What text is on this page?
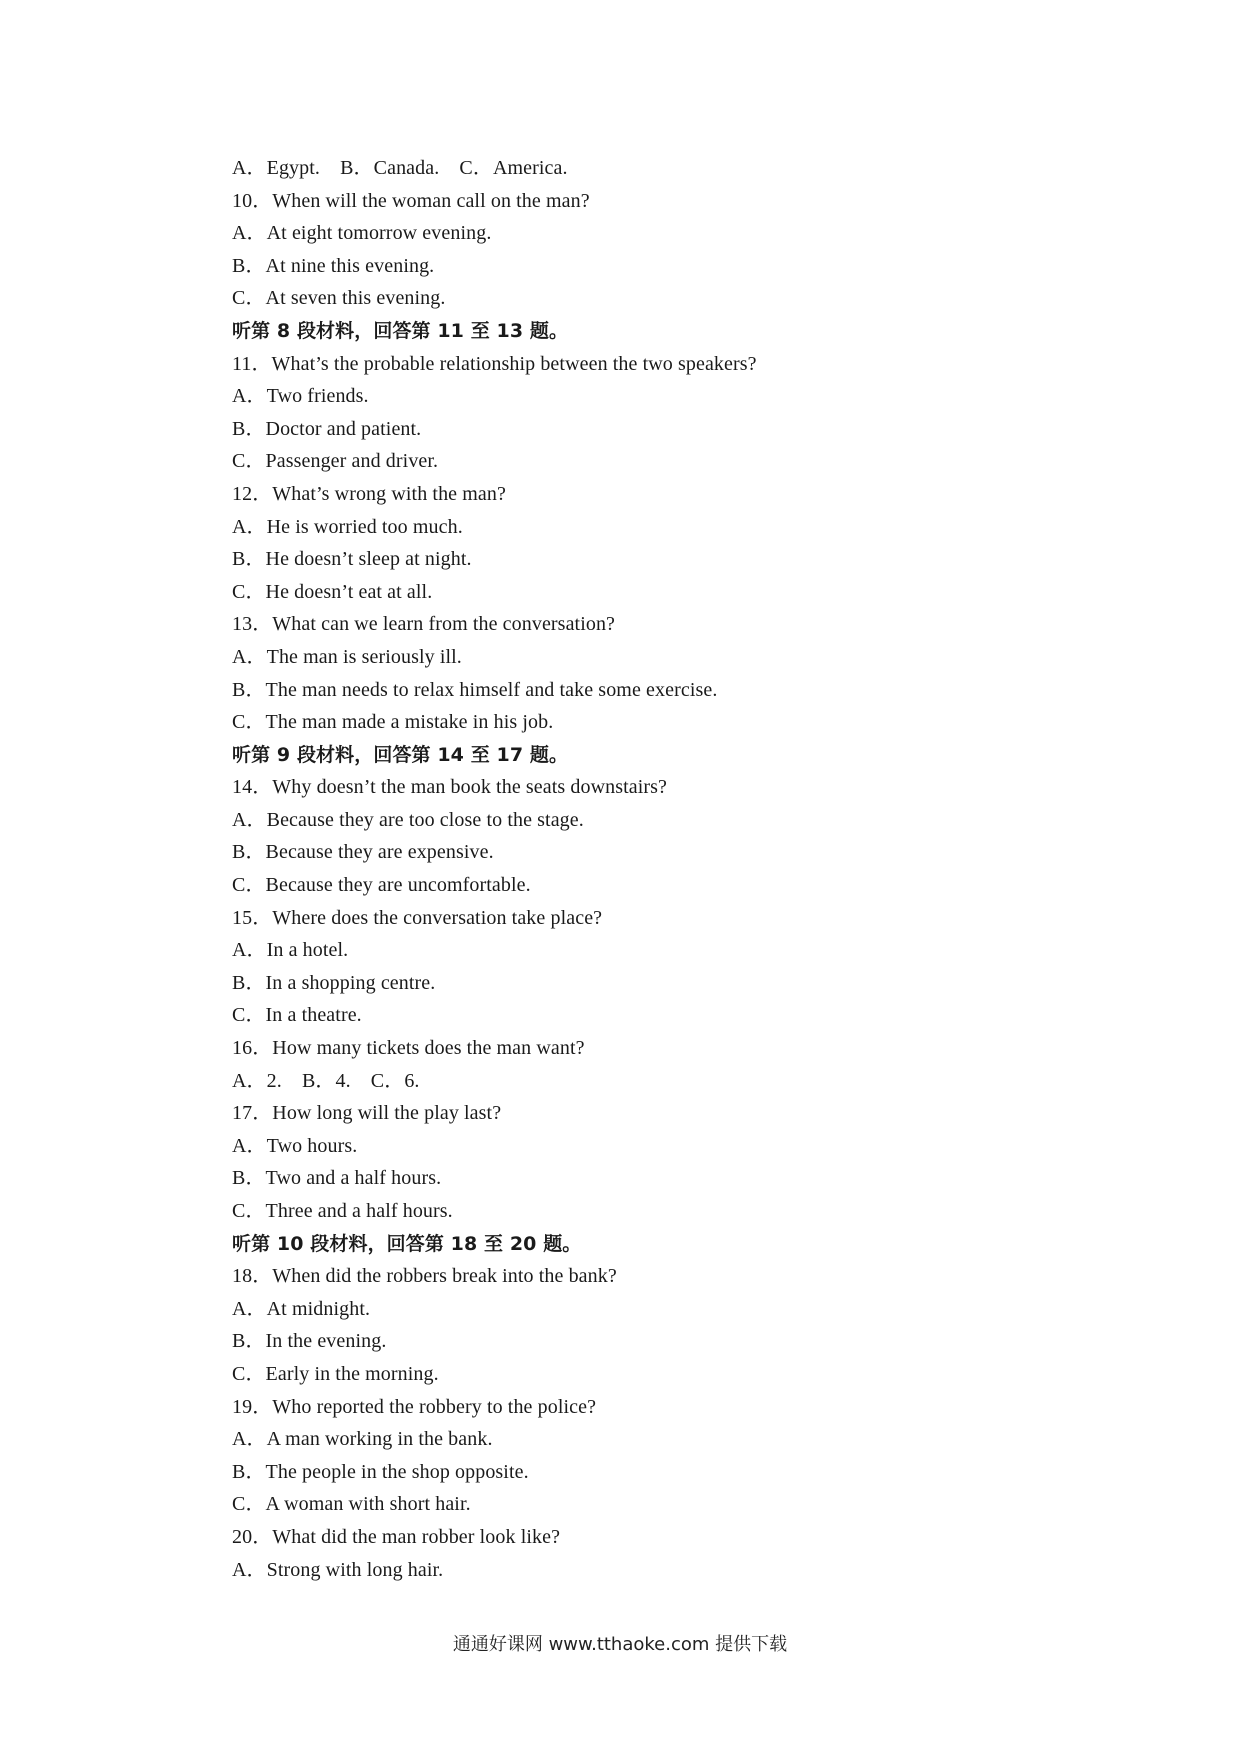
A．Egypt.　B．Canada.　C．America.
10．When will the woman call on the man?
A．At eight tomorrow evening.
B．At nine this evening.
C．At seven this evening.
听第 8 段材料，回答第 11 至 13 题。
11．What’s the probable relationship between the two speakers?
A．Two friends.
B．Doctor and patient.
C．Passenger and driver.
12．What’s wrong with the man?
A．He is worried too much.
B．He doesn’t sleep at night.
C．He doesn’t eat at all.
13．What can we learn from the conversation?
A．The man is seriously ill.
B．The man needs to relax himself and take some exercise.
C．The man made a mistake in his job.
听第 9 段材料，回答第 14 至 17 题。
14．Why doesn’t the man book the seats downstairs?
A．Because they are too close to the stage.
B．Because they are expensive.
C．Because they are uncomfortable.
15．Where does the conversation take place?
A．In a hotel.
B．In a shopping centre.
C．In a theatre.
16．How many tickets does the man want?
A．2.　B．4.　C．6.
17．How long will the play last?
A．Two hours.
B．Two and a half hours.
C．Three and a half hours.
听第 10 段材料，回答第 18 至 20 题。
18．When did the robbers break into the bank?
A．At midnight.
B．In the evening.
C．Early in the morning.
19．Who reported the robbery to the police?
A．A man working in the bank.
B．The people in the shop opposite.
C．A woman with short hair.
20．What did the man robber look like?
A．Strong with long hair.
通通好课网 www.tthaoke.com 提供下载
